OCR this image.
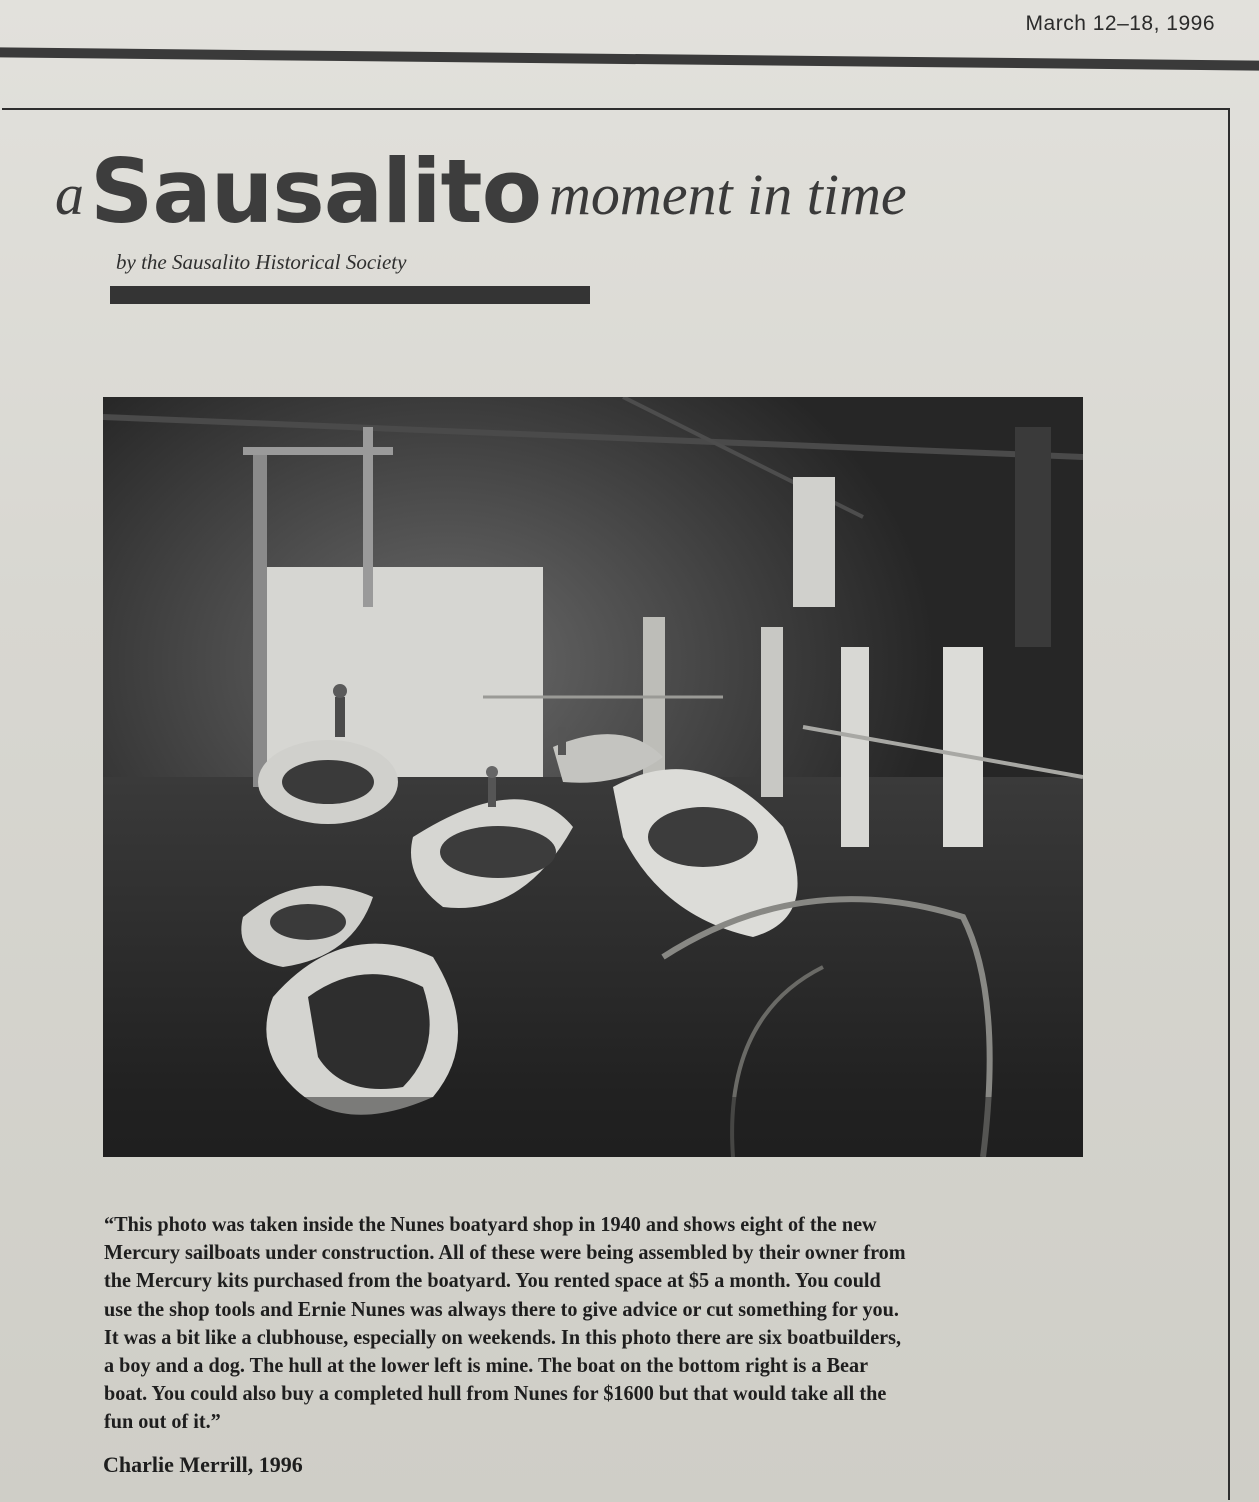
March 12–18, 1996
aSausalito moment in time
by the Sausalito Historical Society
“This photo was taken inside the Nunes boatyard shop in 1940 and shows eight of the new
Mercury sailboats under construction. All of these were being assembled by their owner from
the Mercury kits purchased from the boatyard. You rented space at $5 a month. You could
use the shop tools and Ernie Nunes was always there to give advice or cut something for you.
It was a bit like a clubhouse, especially on weekends. In this photo there are six boatbuilders,
a boy and a dog. The hull at the lower left is mine. The boat on the bottom right is a Bear
boat. You could also buy a completed hull from Nunes for $1600 but that would take all the
fun out of it.”
Charlie Merrill, 1996
